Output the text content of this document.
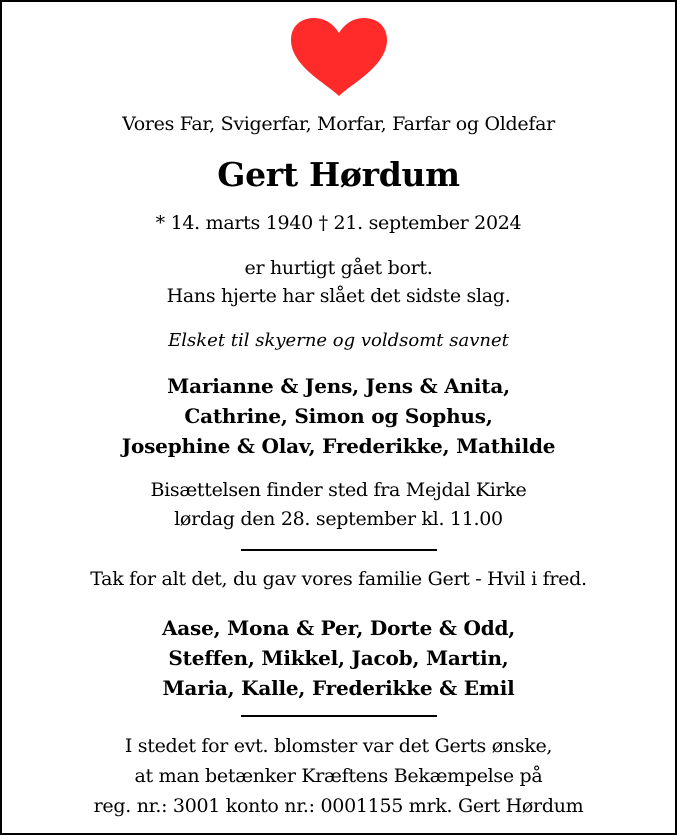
Vores Far, Svigerfar, Morfar, Farfar og Oldefar
Gert Hørdum
* 14. marts 1940 † 21. september 2024
er hurtigt gået bort.
Hans hjerte har slået det sidste slag.
Elsket til skyerne og voldsomt savnet
Marianne & Jens, Jens & Anita,
Cathrine, Simon og Sophus,
Josephine & Olav, Frederikke, Mathilde
Bisættelsen finder sted fra Mejdal Kirke
lørdag den 28. september kl. 11.00
Tak for alt det, du gav vores familie Gert - Hvil i fred.
Aase, Mona & Per, Dorte & Odd,
Steffen, Mikkel, Jacob, Martin,
Maria, Kalle, Frederikke & Emil
I stedet for evt. blomster var det Gerts ønske,
at man betænker Kræftens Bekæmpelse på
reg. nr.: 3001 konto nr.: 0001155 mrk. Gert Hørdum
